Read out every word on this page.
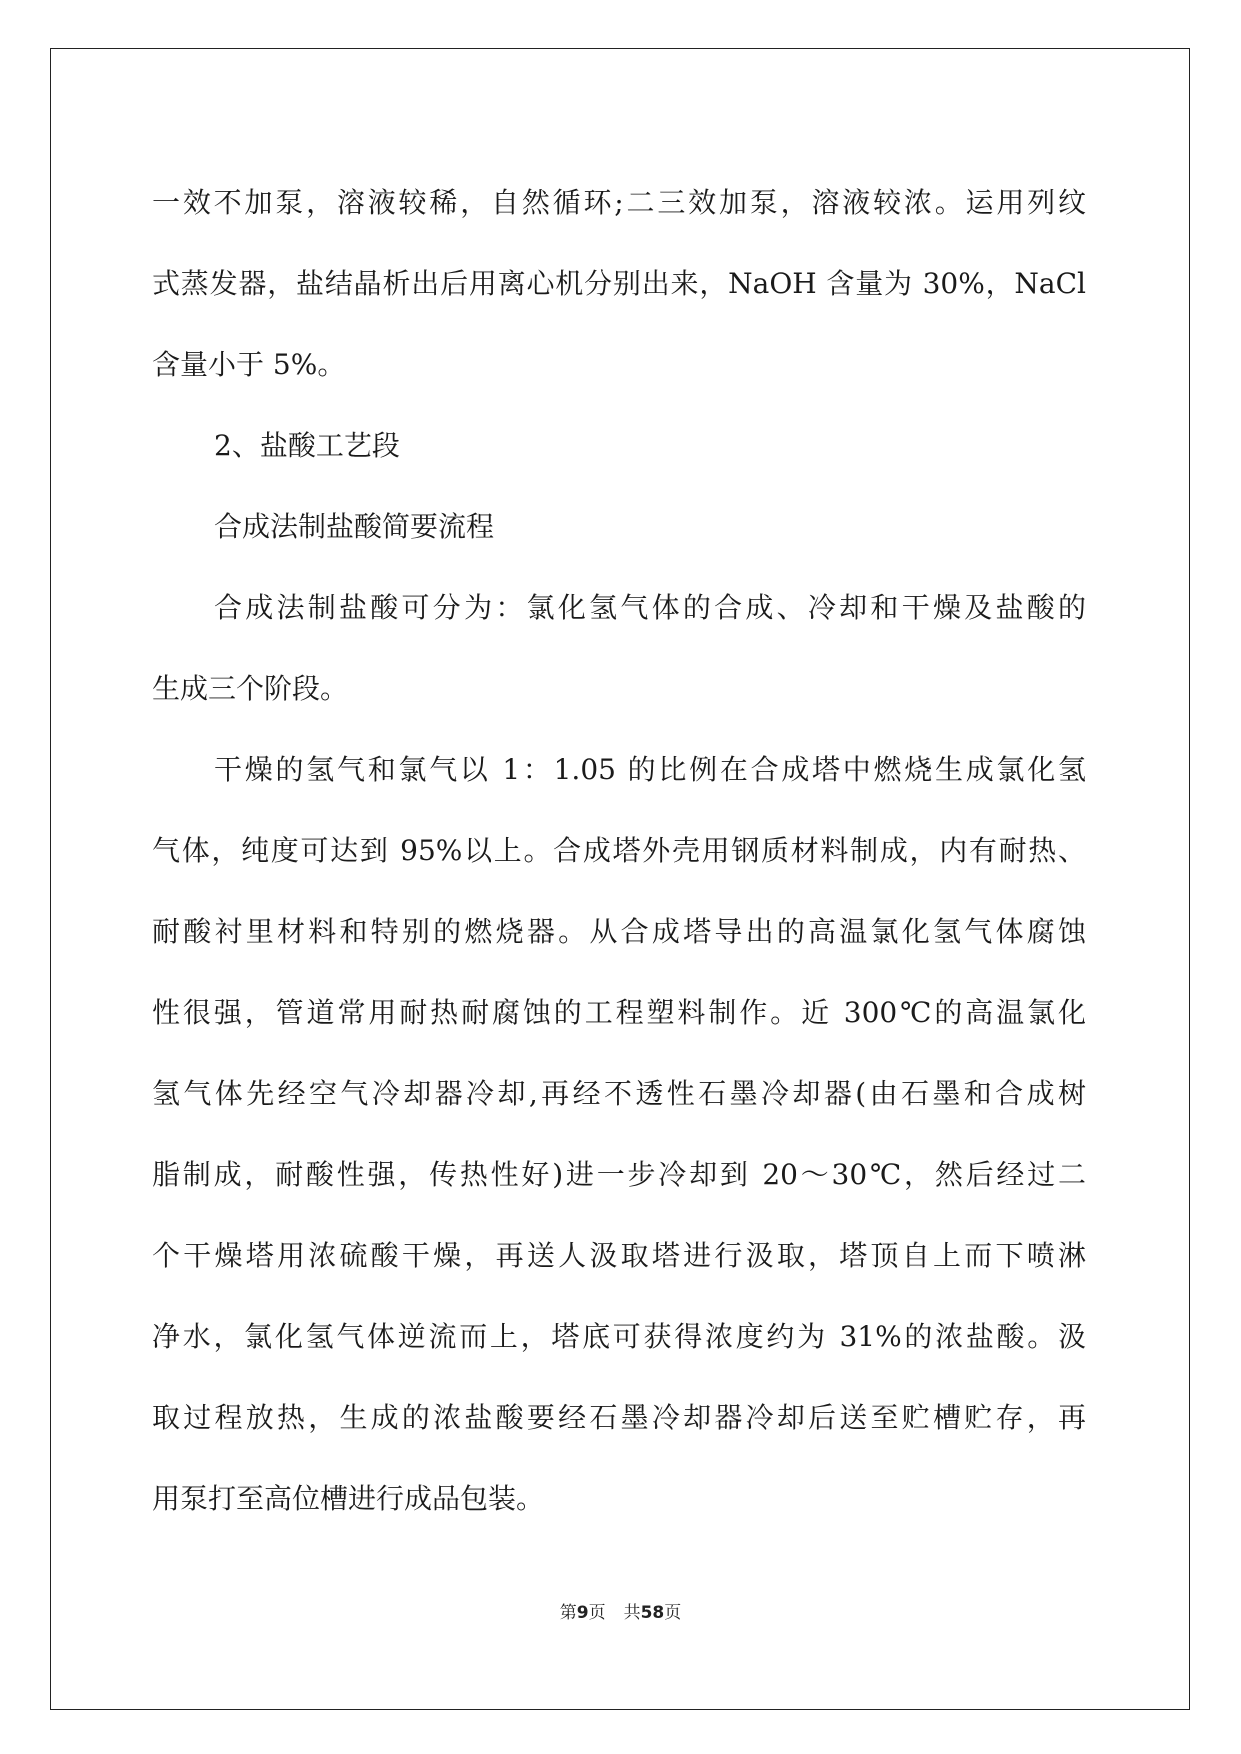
一效不加泵，溶液较稀，自然循环;二三效加泵，溶液较浓。运用列纹
式蒸发器，盐结晶析出后用离心机分别出来，NaOH 含量为 30%，NaCl
含量小于 5%。
2、盐酸工艺段
合成法制盐酸简要流程
合成法制盐酸可分为：氯化氢气体的合成、冷却和干燥及盐酸的
生成三个阶段。
干燥的氢气和氯气以 1：1.05 的比例在合成塔中燃烧生成氯化氢
气体，纯度可达到 95%以上。合成塔外壳用钢质材料制成，内有耐热、
耐酸衬里材料和特别的燃烧器。从合成塔导出的高温氯化氢气体腐蚀
性很强，管道常用耐热耐腐蚀的工程塑料制作。近 300℃的高温氯化
氢气体先经空气冷却器冷却,再经不透性石墨冷却器(由石墨和合成树
脂制成，耐酸性强，传热性好)进一步冷却到 20～30℃，然后经过二
个干燥塔用浓硫酸干燥，再送人汲取塔进行汲取，塔顶自上而下喷淋
净水，氯化氢气体逆流而上，塔底可获得浓度约为 31%的浓盐酸。汲
取过程放热，生成的浓盐酸要经石墨冷却器冷却后送至贮槽贮存，再
用泵打至高位槽进行成品包装。
第9页 共58页
